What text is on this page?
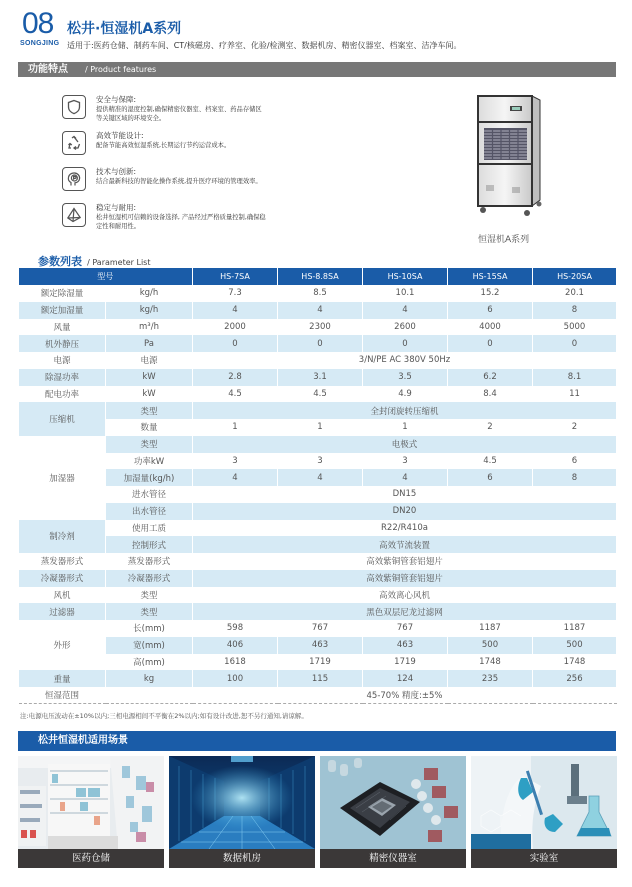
08
SONGJING
松井·恒湿机A系列
适用于:医药仓储、制药车间、CT/核磁房、疗养室、化验/检测室、数据机房、精密仪器室、档案室、洁净车间。
功能特点 / Product features
安全与保障:
提供精准的湿度控制,确保精密仪器室、档案室、药品存储区等关键区域的环境安全。
高效节能设计:
配备节能高效恒湿系统,长期运行节约运营成本。
技术与创新:
结合最新科技的智能化操作系统,提升医疗环境的管理效率。
稳定与耐用:
松井恒湿机可信赖的设备选择, 产品经过严格质量控制,确保稳定性和耐用性。
恒湿机A系列
参数列表 / Parameter List
型号		HS-7SA	HS-8.8SA	HS-10SA	HS-15SA	HS-20SA
额定除湿量	kg/h	7.3	8.5	10.1	15.2	20.1
额定加湿量	kg/h	4	4	4	6	8
风量	m³/h	2000	2300	2600	4000	5000
机外静压	Pa	0	0	0	0	0
电源	电源	3/N/PE AC 380V 50Hz				
除湿功率	kW	2.8	3.1	3.5	6.2	8.1
配电功率	kW	4.5	4.5	4.9	8.4	11
压缩机	类型	全封闭旋转压缩机				
	数量	1	1	1	2	2
加湿器	类型	电极式				
	功率kW	3	3	3	4.5	6
	加湿量(kg/h)	4	4	4	6	8
	进水管径	DN15				
	出水管径	DN20				
制冷剂	使用工质	R22/R410a				
	控制形式	高效节流装置				
蒸发器形式	蒸发器形式	高效紫铜管套铝翅片				
冷凝器形式	冷凝器形式	高效紫铜管套铝翅片				
风机	类型	高效离心风机				
过滤器	类型	黑色双层尼龙过滤网				
外形	长(mm)	598	767	767	1187	1187
	宽(mm)	406	463	463	500	500
	高(mm)	1618	1719	1719	1748	1748
重量	kg	100	115	124	235	256
恒湿范围		45-70% 精度:±5%				
注:电源电压波动在±10%以内;三相电源相间不平衡在2%以内;如有设计改进,恕不另行通知,请谅解。
松井恒湿机适用场景
医药仓储	数据机房	精密仪器室	实验室
